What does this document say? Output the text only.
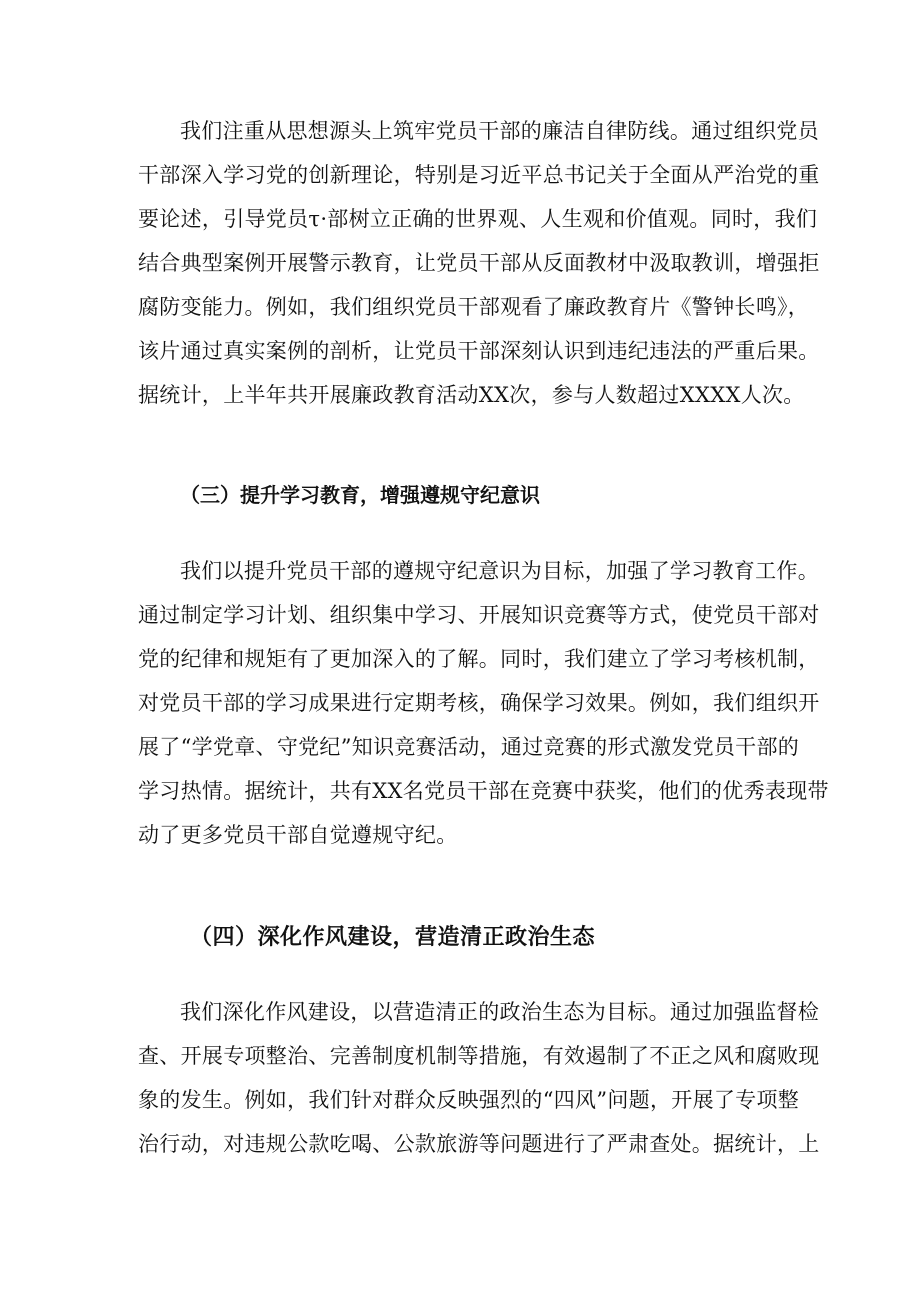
我们注重从思想源头上筑牢党员干部的廉洁自律防线。通过组织党员
干部深入学习党的创新理论，特别是习近平总书记关于全面从严治党的重
要论述，引导党员τ·部树立正确的世界观、人生观和价值观。同时，我们
结合典型案例开展警示教育，让党员干部从反面教材中汲取教训，增强拒
腐防变能力。例如，我们组织党员干部观看了廉政教育片《警钟长鸣》，
该片通过真实案例的剖析，让党员干部深刻认识到违纪违法的严重后果。
据统计，上半年共开展廉政教育活动XX次，参与人数超过XXXX人次。
（三）提升学习教育，增强遵规守纪意识
我们以提升党员干部的遵规守纪意识为目标，加强了学习教育工作。
通过制定学习计划、组织集中学习、开展知识竞赛等方式，使党员干部对
党的纪律和规矩有了更加深入的了解。同时，我们建立了学习考核机制，
对党员干部的学习成果进行定期考核，确保学习效果。例如，我们组织开
展了“学党章、守党纪”知识竞赛活动，通过竞赛的形式激发党员干部的
学习热情。据统计，共有XX名党员干部在竞赛中获奖，他们的优秀表现带
动了更多党员干部自觉遵规守纪。
（四）深化作风建设，营造清正政治生态
我们深化作风建设，以营造清正的政治生态为目标。通过加强监督检
查、开展专项整治、完善制度机制等措施，有效遏制了不正之风和腐败现
象的发生。例如，我们针对群众反映强烈的“四风”问题，开展了专项整
治行动，对违规公款吃喝、公款旅游等问题进行了严肃查处。据统计，上
